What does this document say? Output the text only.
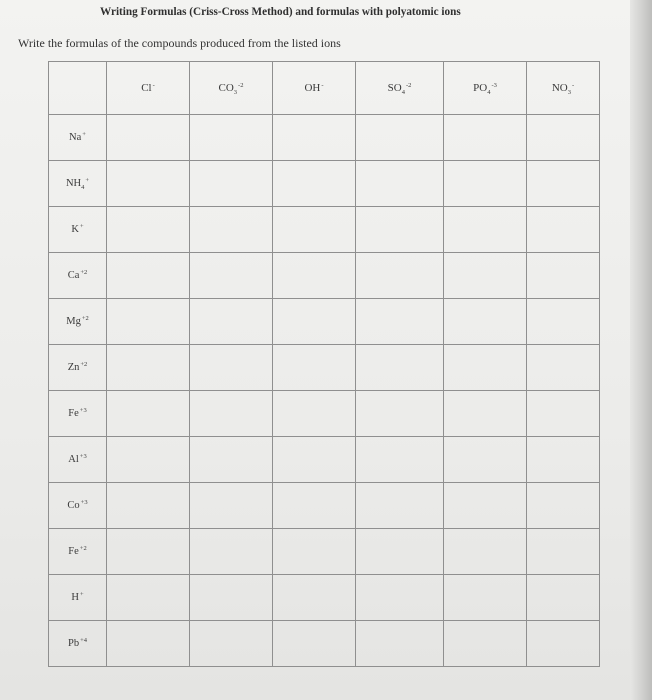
Writing Formulas (Criss-Cross Method) and formulas with polyatomic ions
Write the formulas of the compounds produced from the listed ions
	Cl-	$CO_3^{-2}$	OH-	$SO_4^{-2}$	$PO_4^{-3}$	$NO_3^-$
Na+						
$NH_4^+$						
K+						
$Ca^{+2}$						
$Mg^{+2}$						
$Zn^{+2}$						
$Fe^{+3}$						
$Al^{+3}$						
$Co^{+3}$						
$Fe^{+2}$						
H+						
$Pb^{+4}$						
